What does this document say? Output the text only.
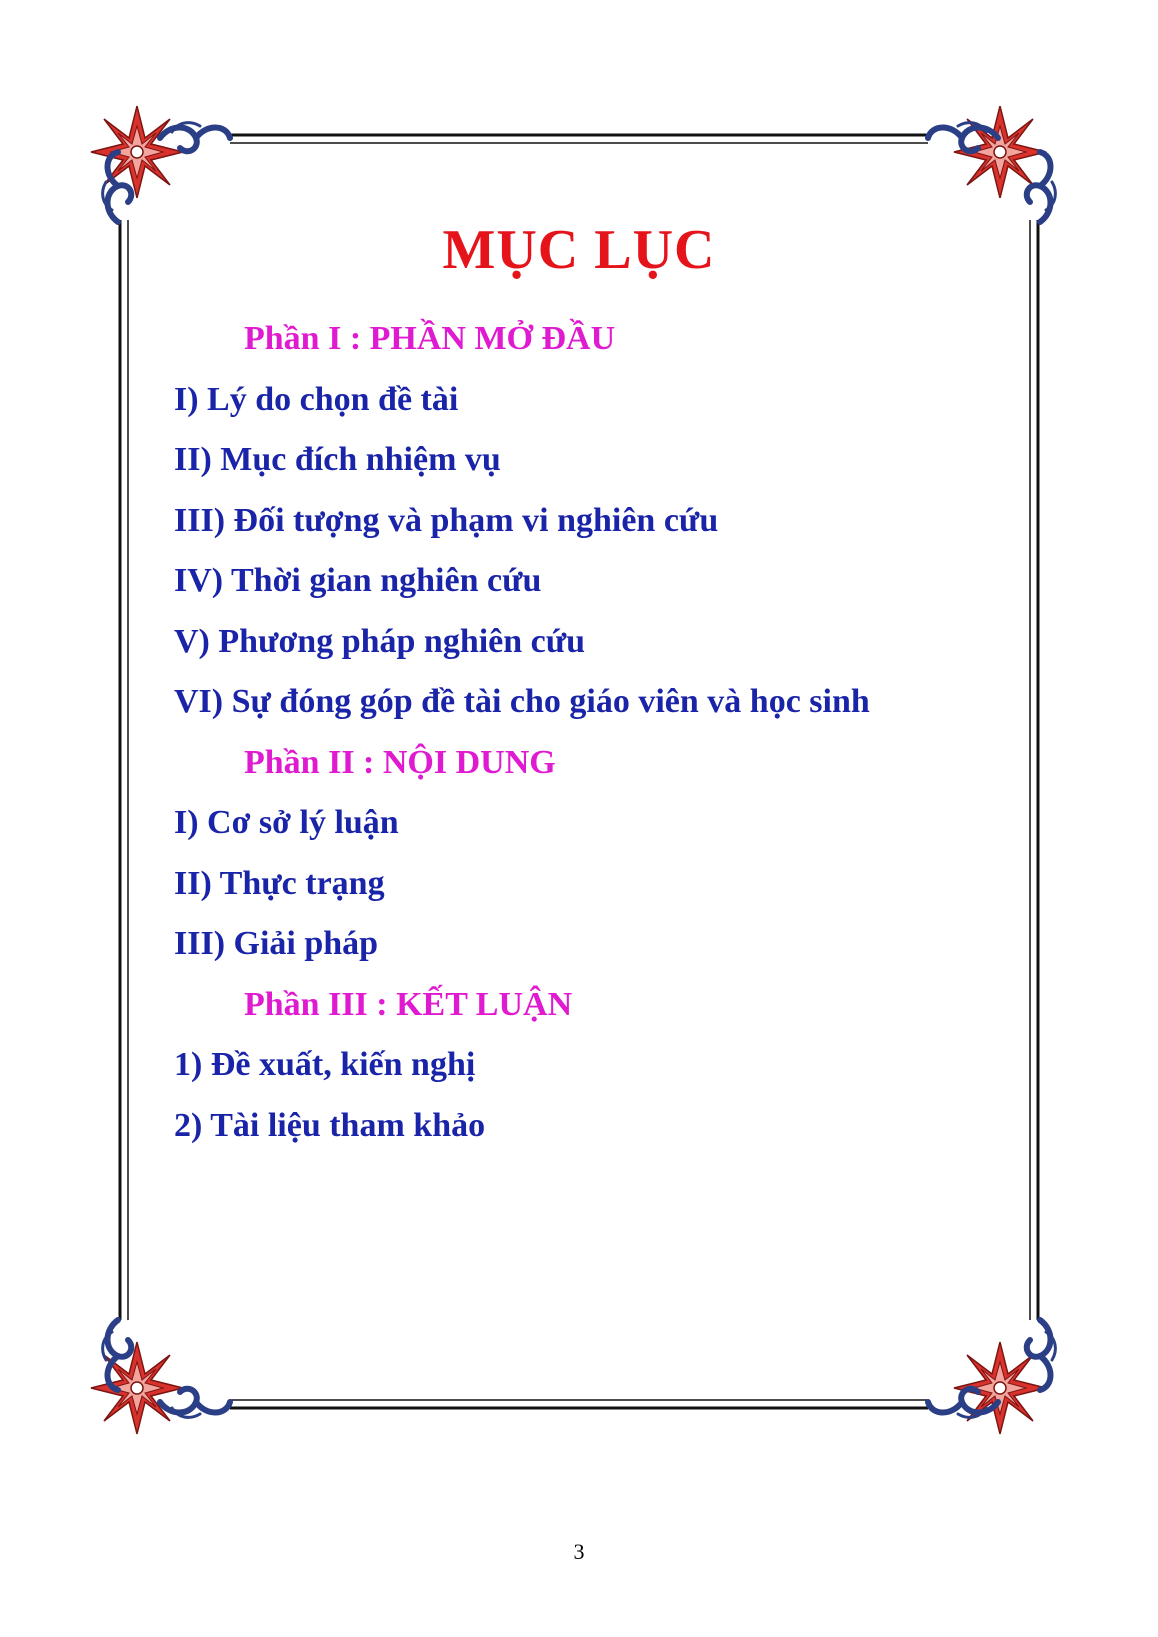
MỤC LỤC
Phần I : PHẦN MỞ ĐẦU
I) Lý do chọn đề tài
II) Mục đích nhiệm vụ
III) Đối tượng và phạm vi nghiên cứu
IV) Thời gian nghiên cứu
V) Phương pháp nghiên cứu
VI) Sự đóng góp đề tài cho giáo viên và học sinh
Phần II : NỘI DUNG
I) Cơ sở lý luận
II) Thực trạng
III) Giải pháp
Phần III : KẾT LUẬN
1) Đề xuất, kiến nghị
2) Tài liệu tham khảo
3
